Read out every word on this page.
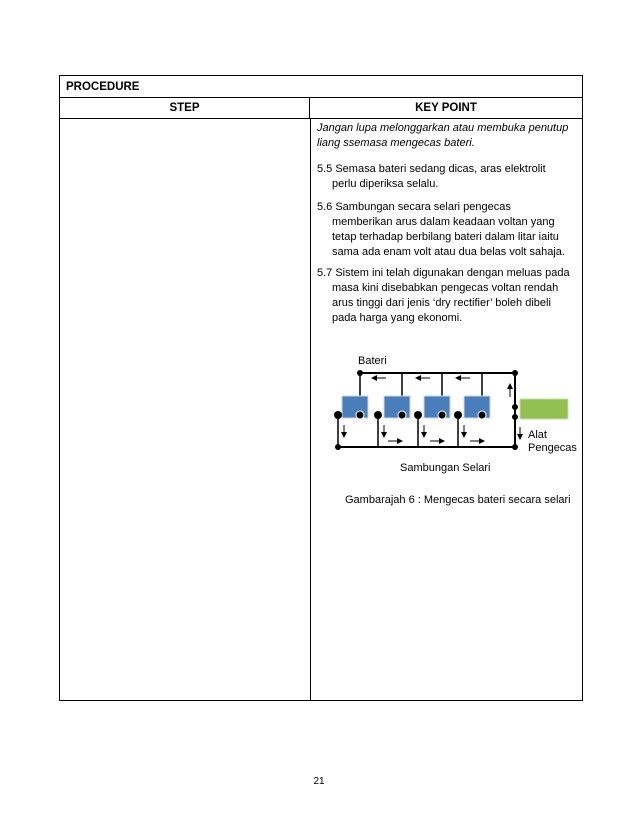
PROCEDURE
STEP	KEY POINT
Jangan lupa melonggarkan atau membuka penutup
liang ssemasa mengecas bateri.
5.5 Semasa bateri sedang dicas, aras elektrolit
perlu diperiksa selalu.
5.6 Sambungan secara selari pengecas
memberikan arus dalam keadaan voltan yang
tetap terhadap berbilang bateri dalam litar iaitu
sama ada enam volt atau dua belas volt sahaja.
5.7 Sistem ini telah digunakan dengan meluas pada
masa kini disebabkan pengecas voltan rendah
arus tinggi dari jenis ‘dry rectifier’ boleh dibeli
pada harga yang ekonomi.
Bateri
Alat
Pengecas
Sambungan Selari
Gambarajah 6 : Mengecas bateri secara selari
21
